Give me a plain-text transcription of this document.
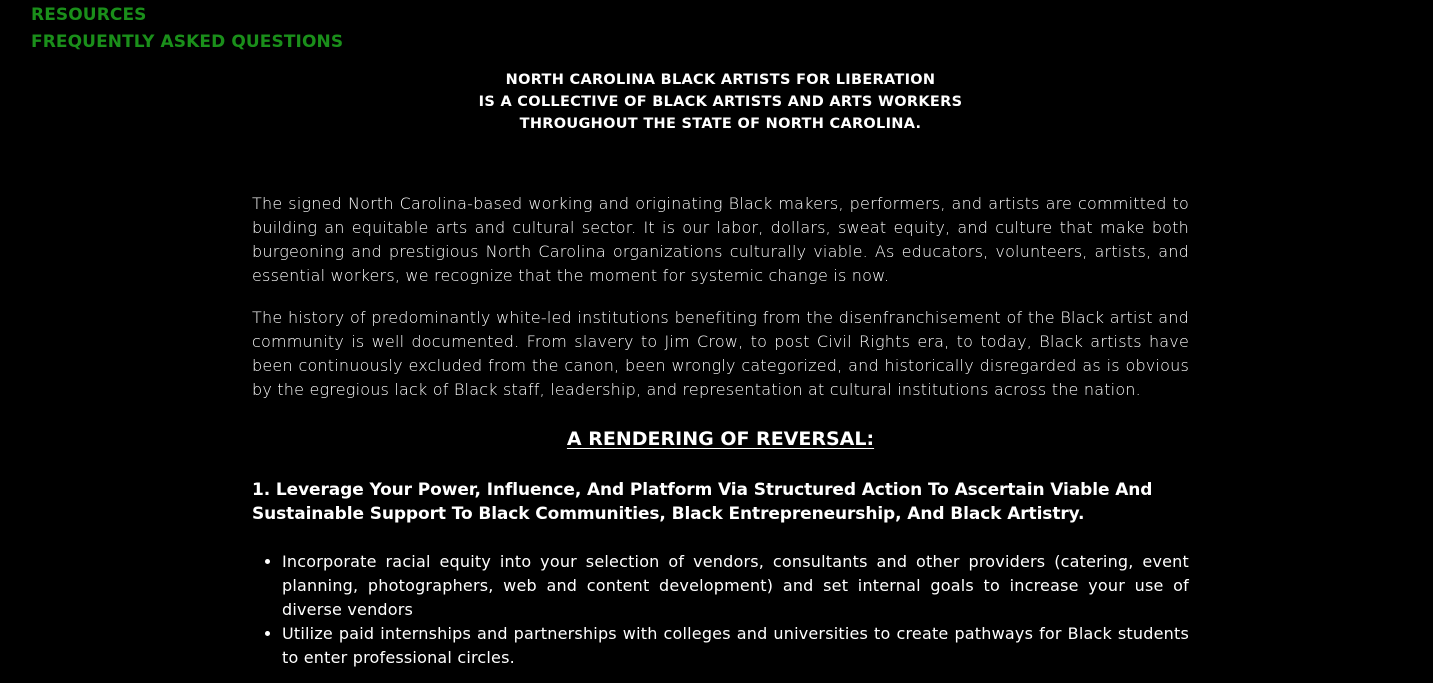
RESOURCES
FREQUENTLY ASKED QUESTIONS
NORTH CAROLINA BLACK ARTISTS FOR LIBERATION
IS A COLLECTIVE OF BLACK ARTISTS AND ARTS WORKERS
THROUGHOUT THE STATE OF NORTH CAROLINA.

The signed North Carolina-based working and originating Black makers, performers, and artists are committed to building an equitable arts and cultural sector. It is our labor, dollars, sweat equity, and culture that make both burgeoning and prestigious North Carolina organizations culturally viable. As educators, volunteers, artists, and essential workers, we recognize that the moment for systemic change is now.

The history of predominantly white-led institutions benefiting from the disenfranchisement of the Black artist and community is well documented. From slavery to Jim Crow, to post Civil Rights era, to today, Black artists have been continuously excluded from the canon, been wrongly categorized, and historically disregarded as is obvious by the egregious lack of Black staff, leadership, and representation at cultural institutions across the nation.

A RENDERING OF REVERSAL:
1. Leverage Your Power, Influence, And Platform Via Structured Action To Ascertain Viable And Sustainable Support To Black Communities, Black Entrepreneurship, And Black Artistry.
• Incorporate racial equity into your selection of vendors, consultants and other providers (catering, event planning, photographers, web and content development) and set internal goals to increase your use of diverse vendors
• Utilize paid internships and partnerships with colleges and universities to create pathways for Black students to enter professional circles.
